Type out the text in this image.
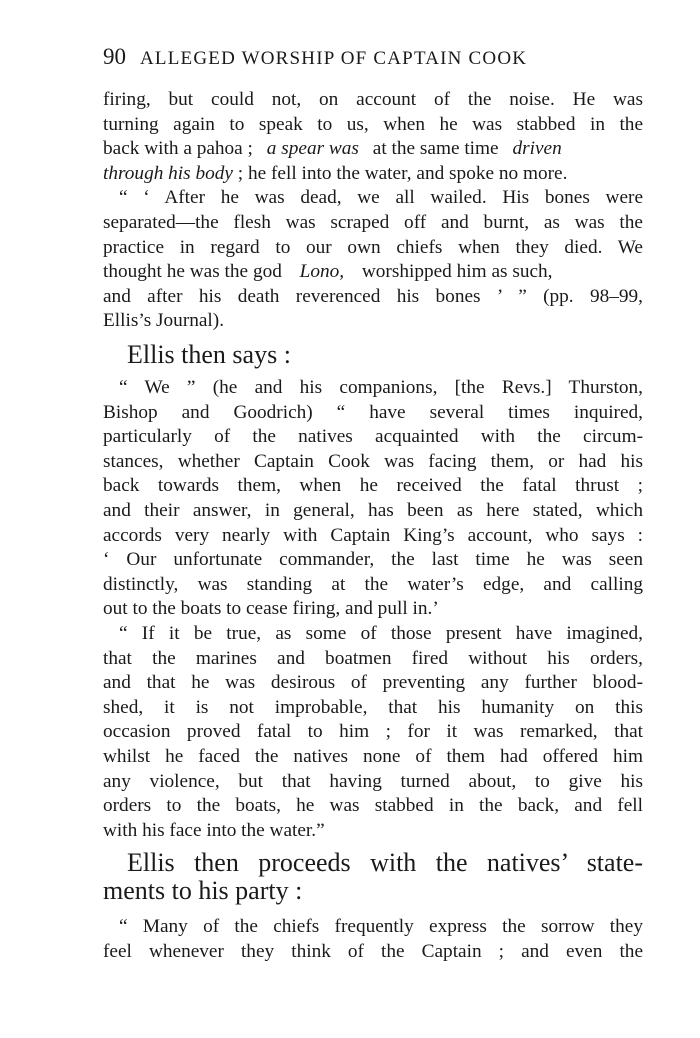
90 ALLEGED WORSHIP OF CAPTAIN COOK
firing, but could not, on account of the noise. He was
turning again to speak to us, when he was stabbed in the
back with a pahoa ; a spear was at the same time driven
through his body ; he fell into the water, and spoke no more.
“ ‘ After he was dead, we all wailed. His bones were
separated—the flesh was scraped off and burnt, as was the
practice in regard to our own chiefs when they died. We
thought he was the god Lono, worshipped him as such,
and after his death reverenced his bones ’ ” (pp. 98–99,
Ellis’s Journal).
Ellis then says :
“ We ” (he and his companions, [the Revs.] Thurston,
Bishop and Goodrich) “ have several times inquired,
particularly of the natives acquainted with the circum-
stances, whether Captain Cook was facing them, or had his
back towards them, when he received the fatal thrust ;
and their answer, in general, has been as here stated, which
accords very nearly with Captain King’s account, who says :
‘ Our unfortunate commander, the last time he was seen
distinctly, was standing at the water’s edge, and calling
out to the boats to cease firing, and pull in.’
“ If it be true, as some of those present have imagined,
that the marines and boatmen fired without his orders,
and that he was desirous of preventing any further blood-
shed, it is not improbable, that his humanity on this
occasion proved fatal to him ; for it was remarked, that
whilst he faced the natives none of them had offered him
any violence, but that having turned about, to give his
orders to the boats, he was stabbed in the back, and fell
with his face into the water.”
Ellis then proceeds with the natives’ state-
ments to his party :
“ Many of the chiefs frequently express the sorrow they
feel whenever they think of the Captain ; and even the
